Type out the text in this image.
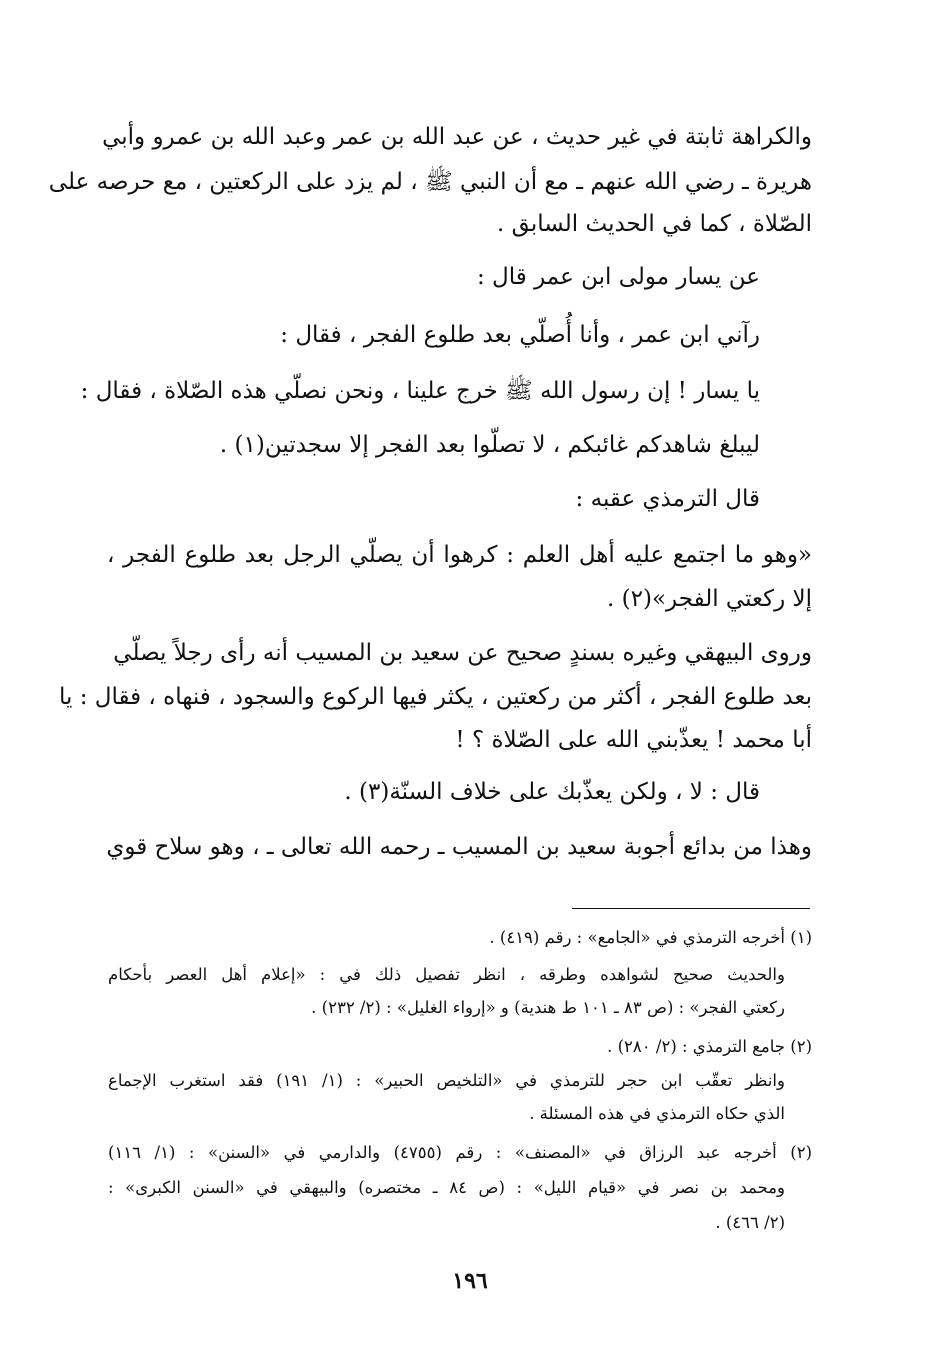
والكراهة ثابتة في غير حديث ، عن عبد الله بن عمر وعبد الله بن عمرو وأبي
هريرة ـ رضي الله عنهم ـ مع أن النبي ﷺ ، لم يزد على الركعتين ، مع حرصه على
الصّلاة ، كما في الحديث السابق .
عن يسار مولى ابن عمر قال :
رآني ابن عمر ، وأنا أُصلّي بعد طلوع الفجر ، فقال :
يا يسار ! إن رسول الله ﷺ خرج علينا ، ونحن نصلّي هذه الصّلاة ، فقال :
ليبلغ شاهدكم غائبكم ، لا تصلّوا بعد الفجر إلا سجدتين(١) .
قال الترمذي عقبه :
«وهو ما اجتمع عليه أهل العلم : كرهوا أن يصلّي الرجل بعد طلوع الفجر ،
إلا ركعتي الفجر»(٢) .
وروى البيهقي وغيره بسندٍ صحيح عن سعيد بن المسيب أنه رأى رجلاً يصلّي
بعد طلوع الفجر ، أكثر من ركعتين ، يكثر فيها الركوع والسجود ، فنهاه ، فقال : يا
أبا محمد ! يعذّبني الله على الصّلاة ؟ !
قال : لا ، ولكن يعذّبك على خلاف السنّة(٣) .
وهذا من بدائع أجوبة سعيد بن المسيب ـ رحمه الله تعالى ـ ، وهو سلاح قوي
(١) أخرجه الترمذي في «الجامع» : رقم (٤١٩) .
والحديث صحيح لشواهده وطرقه ، انظر تفصيل ذلك في : «إعلام أهل العصر بأحكام
ركعتي الفجر» : (ص ٨٣ ـ ١٠١ ط هندية) و «إرواء الغليل» : (٢/ ٢٣٢) .
(٢) جامع الترمذي : (٢/ ٢٨٠) .
وانظر تعقّب ابن حجر للترمذي في «التلخيص الحبير» : (١/ ١٩١) فقد استغرب الإجماع
الذي حكاه الترمذي في هذه المسئلة .
(٢) أخرجه عبد الرزاق في «المصنف» : رقم (٤٧٥٥) والدارمي في «السنن» : (١/ ١١٦)
ومحمد بن نصر في «قيام الليل» : (ص ٨٤ ـ مختصره) والبيهقي في «السنن الكبرى» :
(٢/ ٤٦٦) .
١٩٦
